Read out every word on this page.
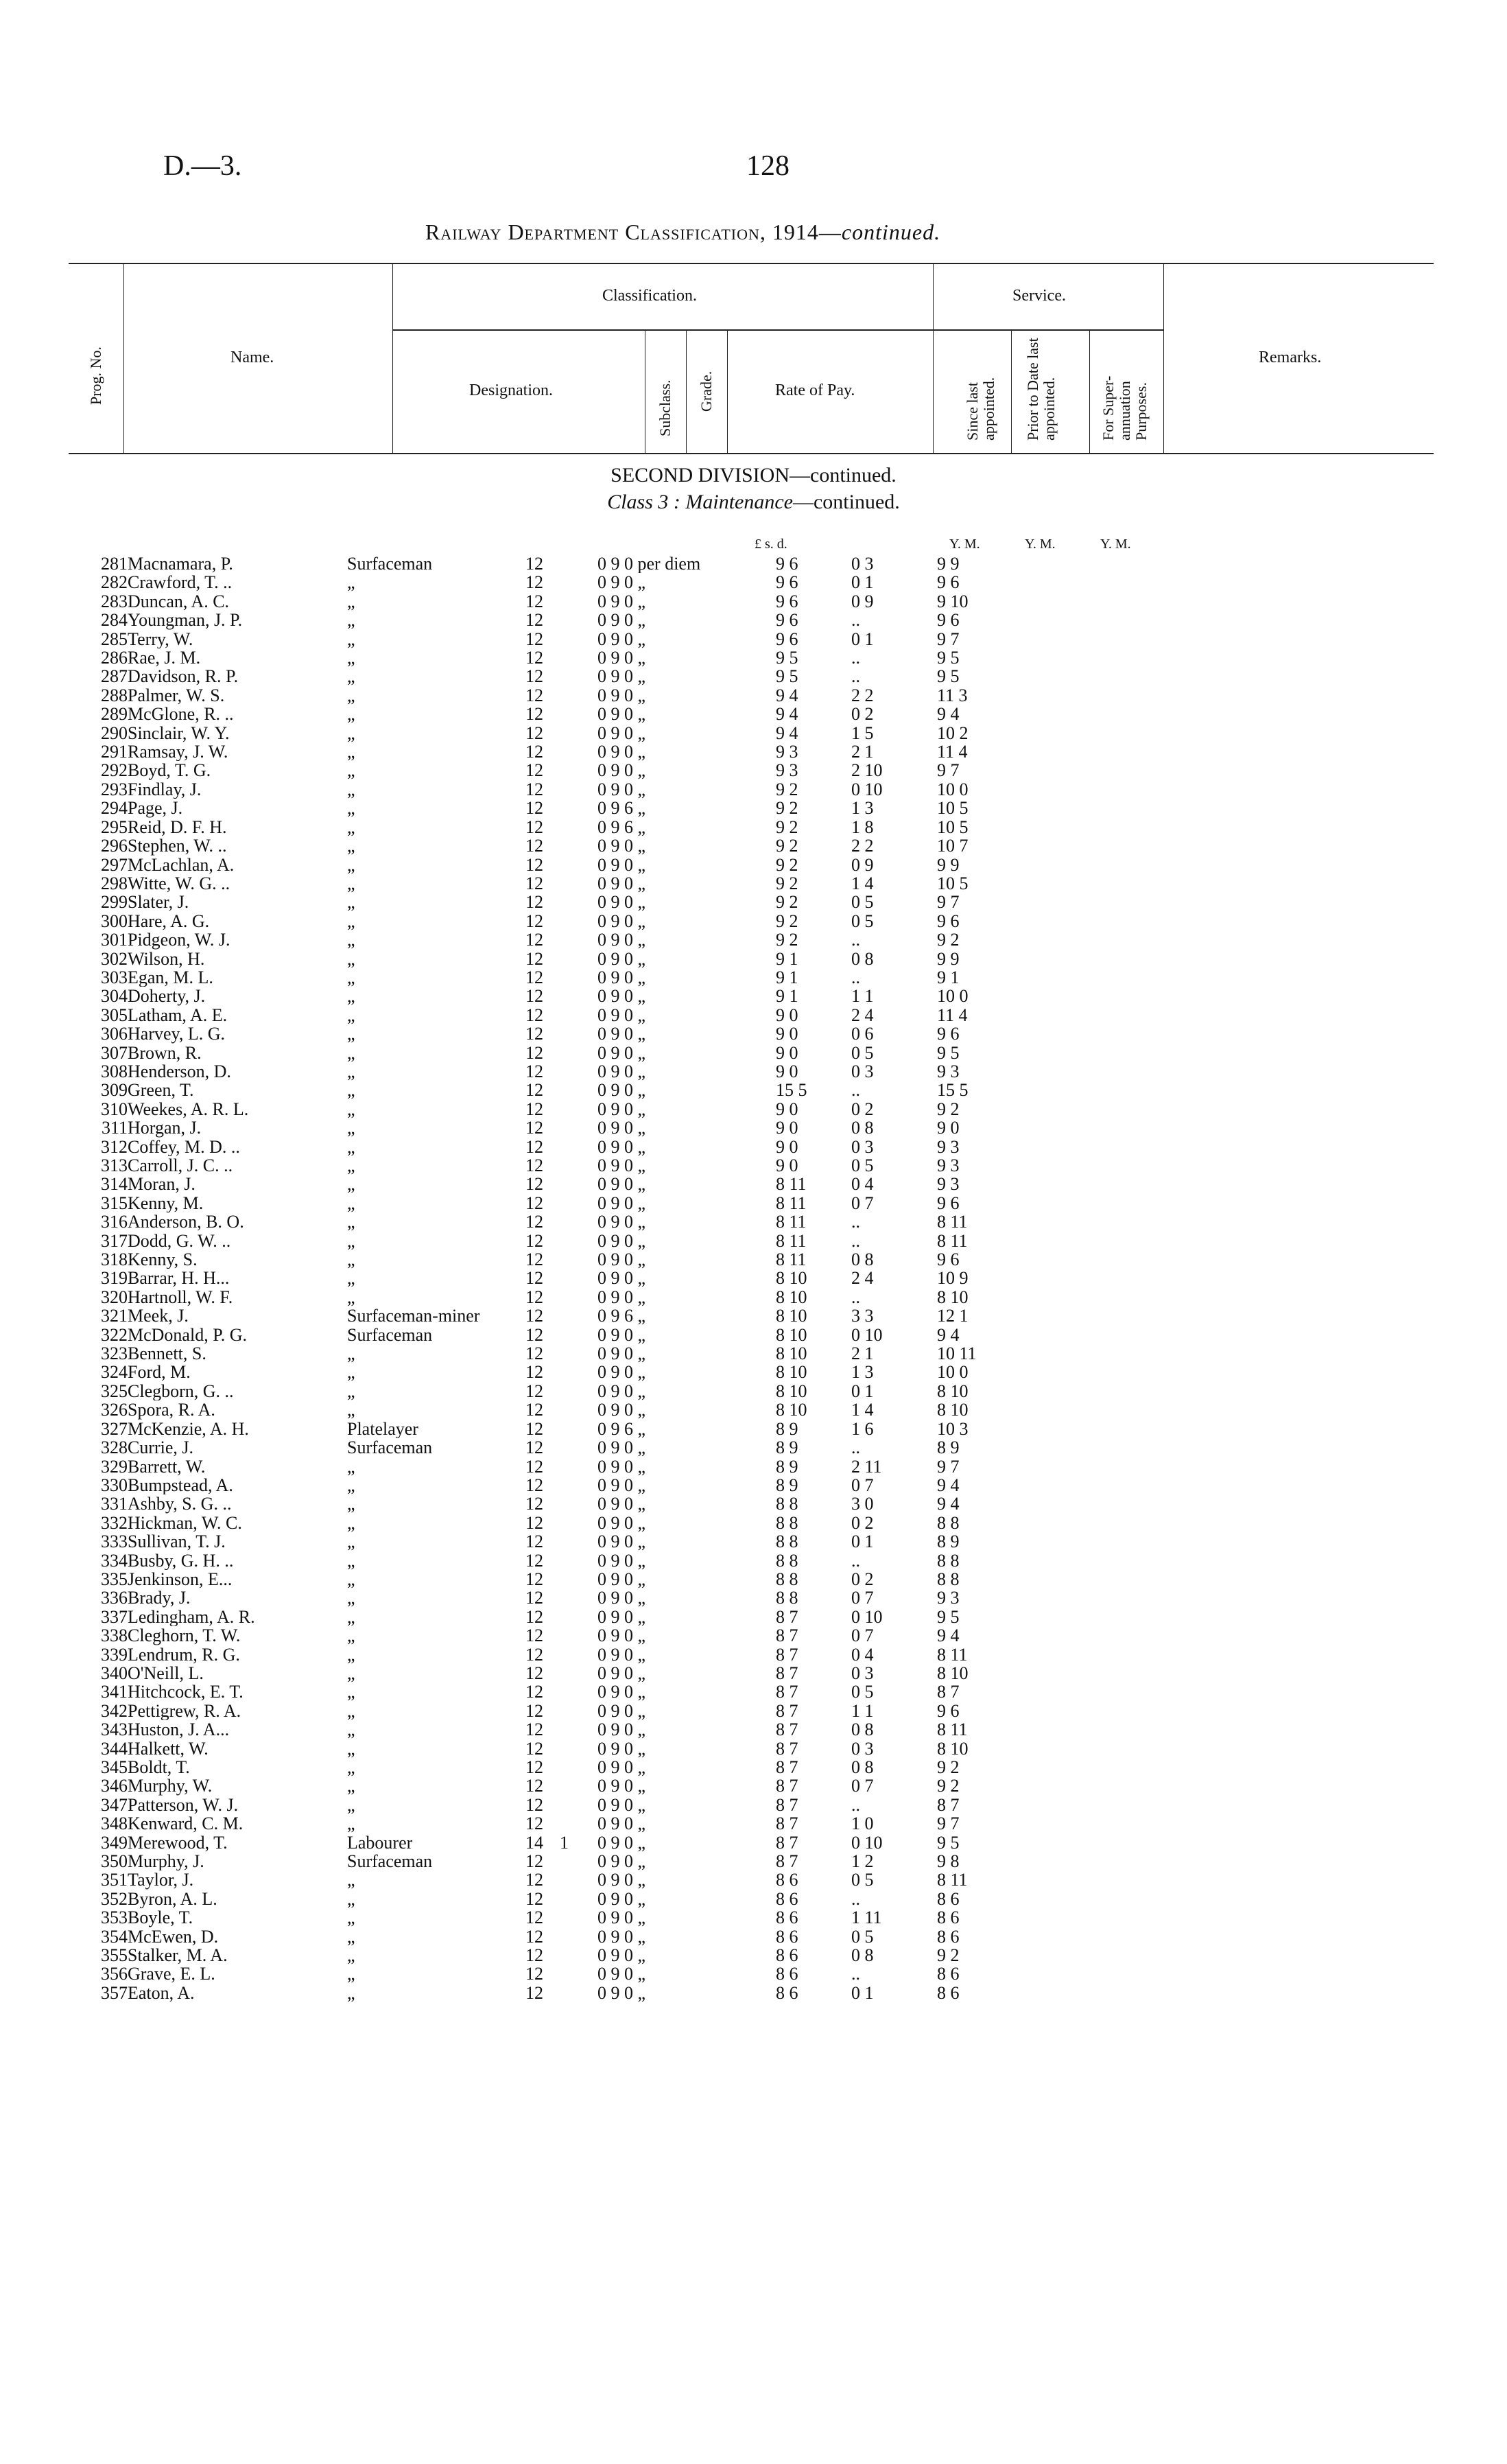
D.—3.	128
Railway Department Classification, 1914—continued.
Prog. No.	Name.
Classification.	Service.
Designation.	Subclass. Grade.	Rate of Pay.	Since last appointed. Prior to Date last appointed.	For Super-annuation Purposes.
Remarks.
SECOND DIVISION—continued.
Class 3 : Maintenance—continued.
£ s. d.	Y. M.	Y. M.	Y. M.
281	Macnamara, P.	Surfaceman	12		0 9 0 per diem	9 6	0 3	9 9
282	Crawford, T. ..	„	12		0 9 0 „	9 6	0 1	9 6
283	Duncan, A. C.	„	12		0 9 0 „	9 6	0 9	9 10
284	Youngman, J. P.	„	12		0 9 0 „	9 6	..	9 6
285	Terry, W.	„	12		0 9 0 „	9 6	0 1	9 7
286	Rae, J. M.	„	12		0 9 0 „	9 5	..	9 5
287	Davidson, R. P.	„	12		0 9 0 „	9 5	..	9 5
288	Palmer, W. S.	„	12		0 9 0 „	9 4	2 2	11 3
289	McGlone, R. ..	„	12		0 9 0 „	9 4	0 2	9 4
290	Sinclair, W. Y.	„	12		0 9 0 „	9 4	1 5	10 2
291	Ramsay, J. W.	„	12		0 9 0 „	9 3	2 1	11 4
292	Boyd, T. G.	„	12		0 9 0 „	9 3	2 10	9 7
293	Findlay, J.	„	12		0 9 0 „	9 2	0 10	10 0
294	Page, J.	„	12		0 9 6 „	9 2	1 3	10 5
295	Reid, D. F. H.	„	12		0 9 6 „	9 2	1 8	10 5
296	Stephen, W. ..	„	12		0 9 0 „	9 2	2 2	10 7
297	McLachlan, A.	„	12		0 9 0 „	9 2	0 9	9 9
298	Witte, W. G. ..	„	12		0 9 0 „	9 2	1 4	10 5
299	Slater, J.	„	12		0 9 0 „	9 2	0 5	9 7
300	Hare, A. G.	„	12		0 9 0 „	9 2	0 5	9 6
301	Pidgeon, W. J.	„	12		0 9 0 „	9 2	..	9 2
302	Wilson, H.	„	12		0 9 0 „	9 1	0 8	9 9
303	Egan, M. L.	„	12		0 9 0 „	9 1	..	9 1
304	Doherty, J.	„	12		0 9 0 „	9 1	1 1	10 0
305	Latham, A. E.	„	12		0 9 0 „	9 0	2 4	11 4
306	Harvey, L. G.	„	12		0 9 0 „	9 0	0 6	9 6
307	Brown, R.	„	12		0 9 0 „	9 0	0 5	9 5
308	Henderson, D.	„	12		0 9 0 „	9 0	0 3	9 3
309	Green, T.	„	12		0 9 0 „	15 5	..	15 5
310	Weekes, A. R. L.	„	12		0 9 0 „	9 0	0 2	9 2
311	Horgan, J.	„	12		0 9 0 „	9 0	0 8	9 0
312	Coffey, M. D. ..	„	12		0 9 0 „	9 0	0 3	9 3
313	Carroll, J. C. ..	„	12		0 9 0 „	9 0	0 5	9 3
314	Moran, J.	„	12		0 9 0 „	8 11	0 4	9 3
315	Kenny, M.	„	12		0 9 0 „	8 11	0 7	9 6
316	Anderson, B. O.	„	12		0 9 0 „	8 11	..	8 11
317	Dodd, G. W. ..	„	12		0 9 0 „	8 11	..	8 11
318	Kenny, S.	„	12		0 9 0 „	8 11	0 8	9 6
319	Barrar, H. H...	„	12		0 9 0 „	8 10	2 4	10 9
320	Hartnoll, W. F.	„	12		0 9 0 „	8 10	..	8 10
321	Meek, J.	Surfaceman-miner	12		0 9 6 „	8 10	3 3	12 1
322	McDonald, P. G.	Surfaceman	12		0 9 0 „	8 10	0 10	9 4
323	Bennett, S.	„	12		0 9 0 „	8 10	2 1	10 11
324	Ford, M.	„	12		0 9 0 „	8 10	1 3	10 0
325	Clegborn, G. ..	„	12		0 9 0 „	8 10	0 1	8 10
326	Spora, R. A.	„	12		0 9 0 „	8 10	1 4	8 10
327	McKenzie, A. H.	Platelayer	12		0 9 6 „	8 9	1 6	10 3
328	Currie, J.	Surfaceman	12		0 9 0 „	8 9	..	8 9
329	Barrett, W.	„	12		0 9 0 „	8 9	2 11	9 7
330	Bumpstead, A.	„	12		0 9 0 „	8 9	0 7	9 4
331	Ashby, S. G. ..	„	12		0 9 0 „	8 8	3 0	9 4
332	Hickman, W. C.	„	12		0 9 0 „	8 8	0 2	8 8
333	Sullivan, T. J.	„	12		0 9 0 „	8 8	0 1	8 9
334	Busby, G. H. ..	„	12		0 9 0 „	8 8	..	8 8
335	Jenkinson, E...	„	12		0 9 0 „	8 8	0 2	8 8
336	Brady, J.	„	12		0 9 0 „	8 8	0 7	9 3
337	Ledingham, A. R.	„	12		0 9 0 „	8 7	0 10	9 5
338	Cleghorn, T. W.	„	12		0 9 0 „	8 7	0 7	9 4
339	Lendrum, R. G.	„	12		0 9 0 „	8 7	0 4	8 11
340	O'Neill, L.	„	12		0 9 0 „	8 7	0 3	8 10
341	Hitchcock, E. T.	„	12		0 9 0 „	8 7	0 5	8 7
342	Pettigrew, R. A.	„	12		0 9 0 „	8 7	1 1	9 6
343	Huston, J. A...	„	12		0 9 0 „	8 7	0 8	8 11
344	Halkett, W.	„	12		0 9 0 „	8 7	0 3	8 10
345	Boldt, T.	„	12		0 9 0 „	8 7	0 8	9 2
346	Murphy, W.	„	12		0 9 0 „	8 7	0 7	9 2
347	Patterson, W. J.	„	12		0 9 0 „	8 7	..	8 7
348	Kenward, C. M.	„	12		0 9 0 „	8 7	1 0	9 7
349	Merewood, T.	Labourer	14	1	0 9 0 „	8 7	0 10	9 5
350	Murphy, J.	Surfaceman	12		0 9 0 „	8 7	1 2	9 8
351	Taylor, J.	„	12		0 9 0 „	8 6	0 5	8 11
352	Byron, A. L.	„	12		0 9 0 „	8 6	..	8 6
353	Boyle, T.	„	12		0 9 0 „	8 6	1 11	8 6
354	McEwen, D.	„	12		0 9 0 „	8 6	0 5	8 6
355	Stalker, M. A.	„	12		0 9 0 „	8 6	0 8	9 2
356	Grave, E. L.	„	12		0 9 0 „	8 6	..	8 6
357	Eaton, A.	„	12		0 9 0 „	8 6	0 1	8 6
